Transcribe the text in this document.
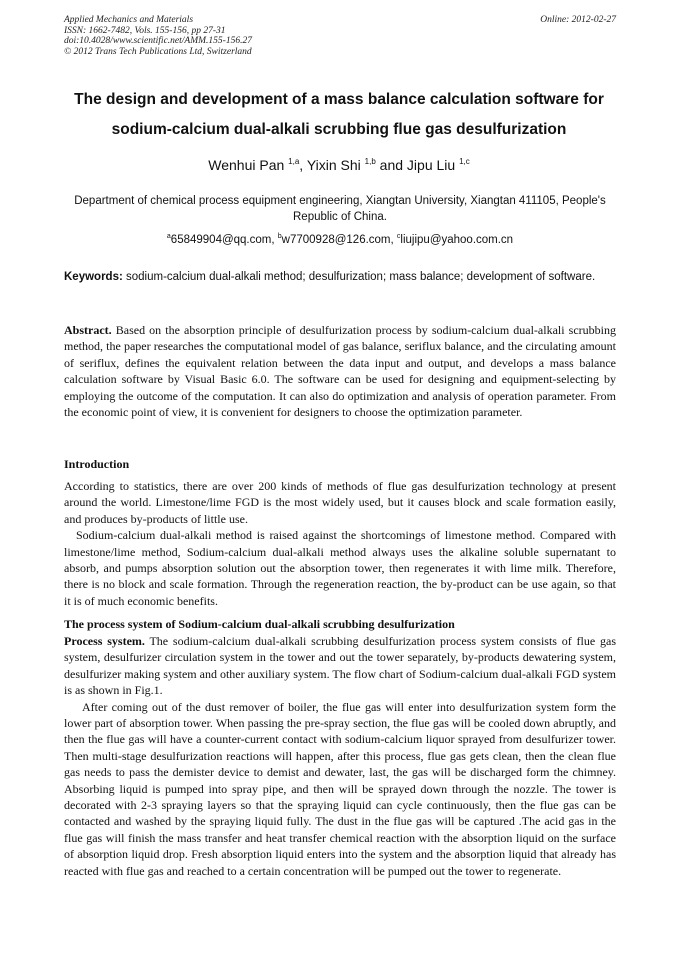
Applied Mechanics and Materials
ISSN: 1662-7482, Vols. 155-156, pp 27-31
doi:10.4028/www.scientific.net/AMM.155-156.27
© 2012 Trans Tech Publications Ltd, Switzerland
Online: 2012-02-27
The design and development of a mass balance calculation software for
sodium-calcium dual-alkali scrubbing flue gas desulfurization
Wenhui Pan $^{1,a}$, Yixin Shi $^{1,b}$ and Jipu Liu $^{1,c}$
Department of chemical process equipment engineering, Xiangtan University, Xiangtan 411105, People's Republic of China.
$^a$65849904@qq.com, $^b$w7700928@126.com, $^c$liujipu@yahoo.com.cn
Keywords: sodium-calcium dual-alkali method; desulfurization; mass balance; development of software.

Abstract. Based on the absorption principle of desulfurization process by sodium-calcium dual-alkali scrubbing method, the paper researches the computational model of gas balance, seriflux balance, and the circulating amount of seriflux, defines the equivalent relation between the data input and output, and develops a mass balance calculation software by Visual Basic 6.0. The software can be used for designing and equipment-selecting by employing the outcome of the computation. It can also do optimization and analysis of operation parameter. From the economic point of view, it is convenient for designers to choose the optimization parameter.

Introduction

According to statistics, there are over 200 kinds of methods of flue gas desulfurization technology at present around the world. Limestone/lime FGD is the most widely used, but it causes block and scale formation easily, and produces by-products of little use.

Sodium-calcium dual-alkali method is raised against the shortcomings of limestone method. Compared with limestone/lime method, Sodium-calcium dual-alkali method always uses the alkaline soluble supernatant to absorb, and pumps absorption solution out the absorption tower, then regenerates it with lime milk. Therefore, there is no block and scale formation. Through the regeneration reaction, the by-product can be use again, so that it is of much economic benefits.

The process system of Sodium-calcium dual-alkali scrubbing desulfurization

Process system. The sodium-calcium dual-alkali scrubbing desulfurization process system consists of flue gas system, desulfurizer circulation system in the tower and out the tower separately, by-products dewatering system, desulfurizer making system and other auxiliary system. The flow chart of Sodium-calcium dual-alkali FGD system is as shown in Fig.1.

After coming out of the dust remover of boiler, the flue gas will enter into desulfurization system form the lower part of absorption tower. When passing the pre-spray section, the flue gas will be cooled down abruptly, and then the flue gas will have a counter-current contact with sodium-calcium liquor sprayed from desulfurizer tower. Then multi-stage desulfurization reactions will happen, after this process, flue gas gets clean, then the clean flue gas needs to pass the demister device to demist and dewater, last, the gas will be discharged form the chimney. Absorbing liquid is pumped into spray pipe, and then will be sprayed down through the nozzle. The tower is decorated with 2-3 spraying layers so that the spraying liquid can cycle continuously, then the flue gas can be contacted and washed by the spraying liquid fully. The dust in the flue gas will be captured .The acid gas in the flue gas will finish the mass transfer and heat transfer chemical reaction with the absorption liquid on the surface of absorption liquid drop. Fresh absorption liquid enters into the system and the absorption liquid that already has reacted with flue gas and reached to a certain concentration will be pumped out the tower to regenerate.
